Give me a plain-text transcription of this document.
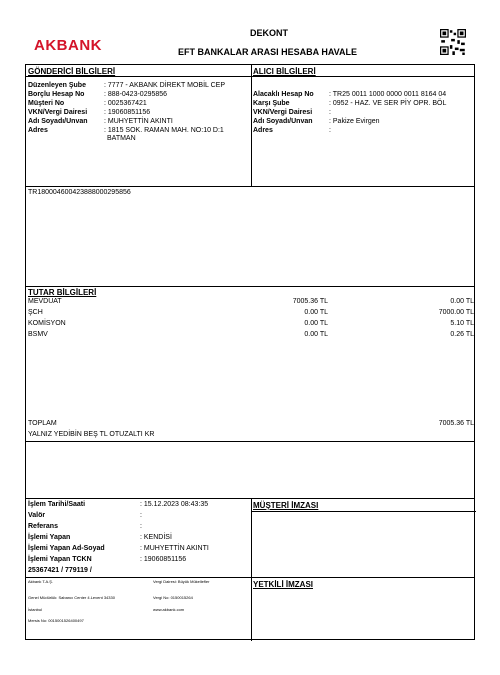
AKBANK
DEKONT
EFT BANKALAR ARASI HESABA HAVALE
GÖNDERİCİ BİLGİLERİ
Düzenleyen Şube	: 7777 - AKBANK DİREKT MOBİL CEP
Borçlu Hesap No	: 888-0423-0295856
Müşteri No	: 0025367421
VKN/Vergi Dairesi : 19060851156
Adı Soyadı/Unvan : MUHYETTİN AKINTI
Adres	: 1815 SOK. RAMAN MAH. NO:10 D:1
BATMAN
ALICI BİLGİLERİ
Alacaklı Hesap No : TR25 0011 1000 0000 0011 8164 04
Karşı Şube	: 0952 - HAZ. VE SER PİY OPR. BÖL
VKN/Vergi Dairesi :
Adı Soyadı/Unvan : Pakize Evirgen
Adres	:
TR180004600423888000295856
TUTAR BİLGİLERİ
MEVDUAT	7005.36 TL	0.00 TL
ŞCH	0.00 TL	7000.00 TL
KOMİSYON	0.00 TL	5.10 TL
BSMV	0.00 TL	0.26 TL
TOPLAM	7005.36 TL
YALNIZ YEDİBİN BEŞ TL OTUZALTI KR
İşlem Tarihi/Saati	: 15.12.2023 08:43:35
Valör	:
Referans	:
İşlemi Yapan	: KENDİSİ
İşlemi Yapan Ad-Soyad	: MUHYETTİN AKINTI
İşlemi Yapan TCKN	: 19060851156
25367421 / 779119 /
MÜŞTERİ İMZASI
YETKİLİ İMZASI
Akbank T.A.Ş.
Genel Müdürlük: Sabancı Center 4.Levent 34330
İstanbul
Mersis No: 0015001526400497
Vergi Dairesi: Büyük Mükellefler
Vergi No: 0150015264
www.akbank.com
